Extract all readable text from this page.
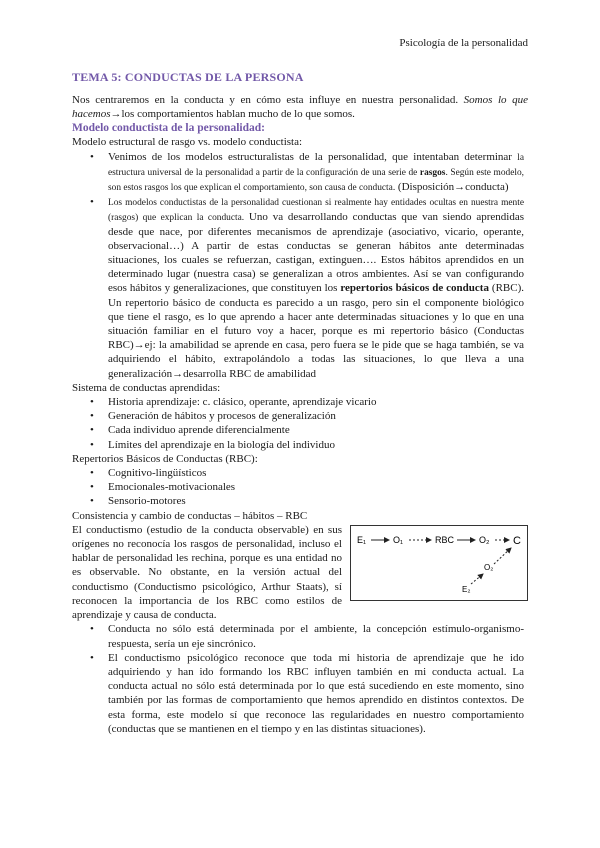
Psicología de la personalidad
TEMA 5: CONDUCTAS DE LA PERSONA

Nos centraremos en la conducta y en cómo esta influye en nuestra personalidad. Somos lo que hacemos→los comportamientos hablan mucho de lo que somos.

Modelo conductista de la personalidad:

Modelo estructural de rasgo vs. modelo conductista:

• Venimos de los modelos estructuralistas de la personalidad, que intentaban determinar la estructura universal de la personalidad a partir de la configuración de una serie de rasgos. Según este modelo, son estos rasgos los que explican el comportamiento, son causa de conducta. (Disposición→conducta)
• Los modelos conductistas de la personalidad cuestionan si realmente hay entidades ocultas en nuestra mente (rasgos) que explican la conducta. Uno va desarrollando conductas que van siendo aprendidas desde que nace, por diferentes mecanismos de aprendizaje (asociativo, vicario, operante, observacional…) A partir de estas conductas se generan hábitos ante determinadas situaciones, los cuales se refuerzan, castigan, extinguen…. Estos hábitos aprendidos en un determinado lugar (nuestra casa) se generalizan a otros ambientes. Así se van configurando esos hábitos y generalizaciones, que constituyen los repertorios básicos de conducta (RBC). Un repertorio básico de conducta es parecido a un rasgo, pero sin el componente biológico que tiene el rasgo, es lo que aprendo a hacer ante determinadas situaciones y lo que en una situación familiar en el futuro voy a hacer, porque es mi repertorio básico (Conductas RBC)→ej: la amabilidad se aprende en casa, pero fuera se le pide que se haga también, se va adquiriendo el hábito, extrapolándolo a todas las situaciones, lo que lleva a una generalización→desarrolla RBC de amabilidad

Sistema de conductas aprendidas:

• Historia aprendizaje: c. clásico, operante, aprendizaje vicario
• Generación de hábitos y procesos de generalización
• Cada individuo aprende diferencialmente
• Límites del aprendizaje en la biología del individuo

Repertorios Básicos de Conductas (RBC):

• Cognitivo-lingüísticos
• Emocionales-motivacionales
• Sensorio-motores

Consistencia y cambio de conductas – hábitos – RBC

E₁	O₁	RBC	O₂ C
O₂
E₂

El conductismo (estudio de la conducta observable) en sus orígenes no reconocía los rasgos de personalidad, incluso el hablar de personalidad les rechina, porque es una entidad no es observable. No obstante, en la versión actual del conductismo (Conductismo psicológico, Arthur Staats), sí reconocen la importancia de los RBC como estilos de aprendizaje y causa de conducta.

• Conducta no sólo está determinada por el ambiente, la concepción estímulo-organismo-respuesta, sería un eje sincrónico.
• El conductismo psicológico reconoce que toda mi historia de aprendizaje que he ido adquiriendo y han ido formando los RBC influyen también en mi conducta actual. La conducta actual no sólo está determinada por lo que está sucediendo en este momento, sino también por las formas de comportamiento que hemos aprendido en distintos contextos. De esta forma, este modelo sí que reconoce las regularidades en nuestro comportamiento (conductas que se mantienen en el tiempo y en las distintas situaciones).
